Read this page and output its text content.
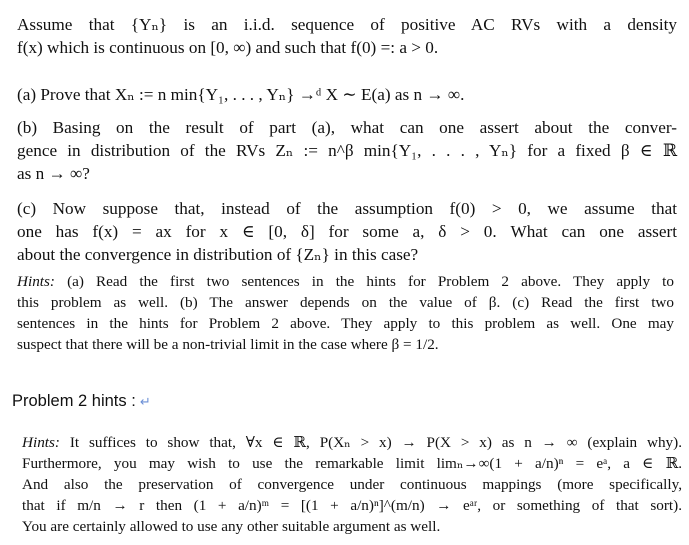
Assume that {Yₙ} is an i.i.d. sequence of positive AC RVs with a density
f(x) which is continuous on [0, ∞) and such that f(0) =: a > 0.
(a) Prove that Xₙ := n min{Y₁, . . . , Yₙ} →ᵈ X ∼ E(a) as n → ∞.
(b) Basing on the result of part (a), what can one assert about the conver-
gence in distribution of the RVs Zₙ := n^β min{Y₁, . . . , Yₙ} for a fixed β ∈ ℝ
as n → ∞?
(c) Now suppose that, instead of the assumption f(0) > 0, we assume that
one has f(x) = ax for x ∈ [0, δ] for some a, δ > 0. What can one assert
about the convergence in distribution of {Zₙ} in this case?
Hints: (a) Read the first two sentences in the hints for Problem 2 above. They apply to
this problem as well. (b) The answer depends on the value of β. (c) Read the first two
sentences in the hints for Problem 2 above. They apply to this problem as well. One may
suspect that there will be a non-trivial limit in the case where β = 1/2.
Problem 2 hints : ↵
Hints: It suffices to show that, ∀x ∈ ℝ, P(Xₙ > x) → P(X > x) as n → ∞ (explain why).
Furthermore, you may wish to use the remarkable limit limₙ→∞(1 + a/n)ⁿ = eᵃ, a ∈ ℝ.
And also the preservation of convergence under continuous mappings (more specifically,
that if m/n → r then (1 + a/n)ᵐ = [(1 + a/n)ⁿ]^(m/n) → eᵃʳ, or something of that sort).
You are certainly allowed to use any other suitable argument as well.
